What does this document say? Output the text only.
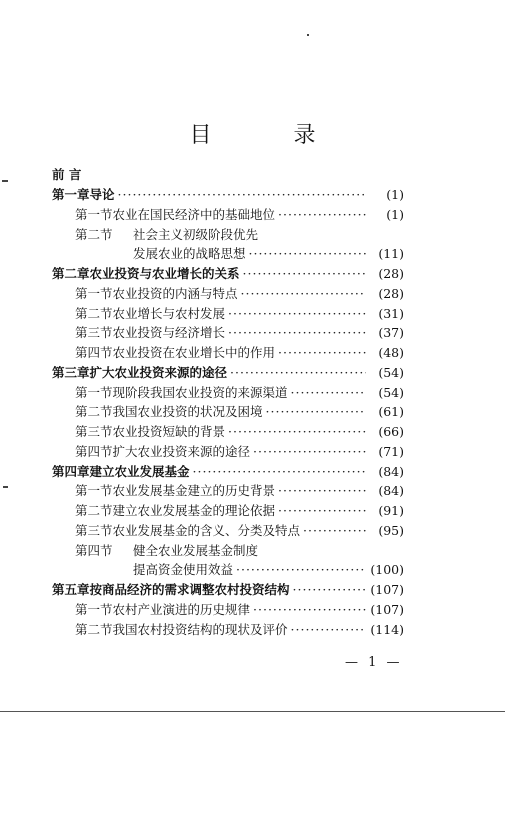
目　录
前 言
第一章 导论 ·····	(1)
第一节 农业在国民经济中的基础地位 ·····	(1)
第二节	社会主义初级阶段优先
发展农业的战略思想 ·····	(11)
第二章 农业投资与农业增长的关系 ·····	(28)
第一节 农业投资的内涵与特点 ·····	(28)
第二节 农业增长与农村发展 ·····	(31)
第三节 农业投资与经济增长 ·····	(37)
第四节 农业投资在农业增长中的作用 ·····	(48)
第三章 扩大农业投资来源的途径 ·····	(54)
第一节 现阶段我国农业投资的来源渠道 ·····	(54)
第二节 我国农业投资的状况及困境 ·····	(61)
第三节 农业投资短缺的背景 ·····	(66)
第四节 扩大农业投资来源的途径 ·····	(71)
第四章 建立农业发展基金 ·····	(84)
第一节 农业发展基金建立的历史背景 ·····	(84)
第二节 建立农业发展基金的理论依据 ·····	(91)
第三节 农业发展基金的含义、分类及特点 ·····	(95)
第四节	健全农业发展基金制度
提高资金使用效益 ·····	(100)
第五章 按商品经济的需求调整农村投资结构 ·····	(107)
第一节 农村产业演进的历史规律 ·····	(107)
第二节 我国农村投资结构的现状及评价 ·····	(114)
— 1 —
